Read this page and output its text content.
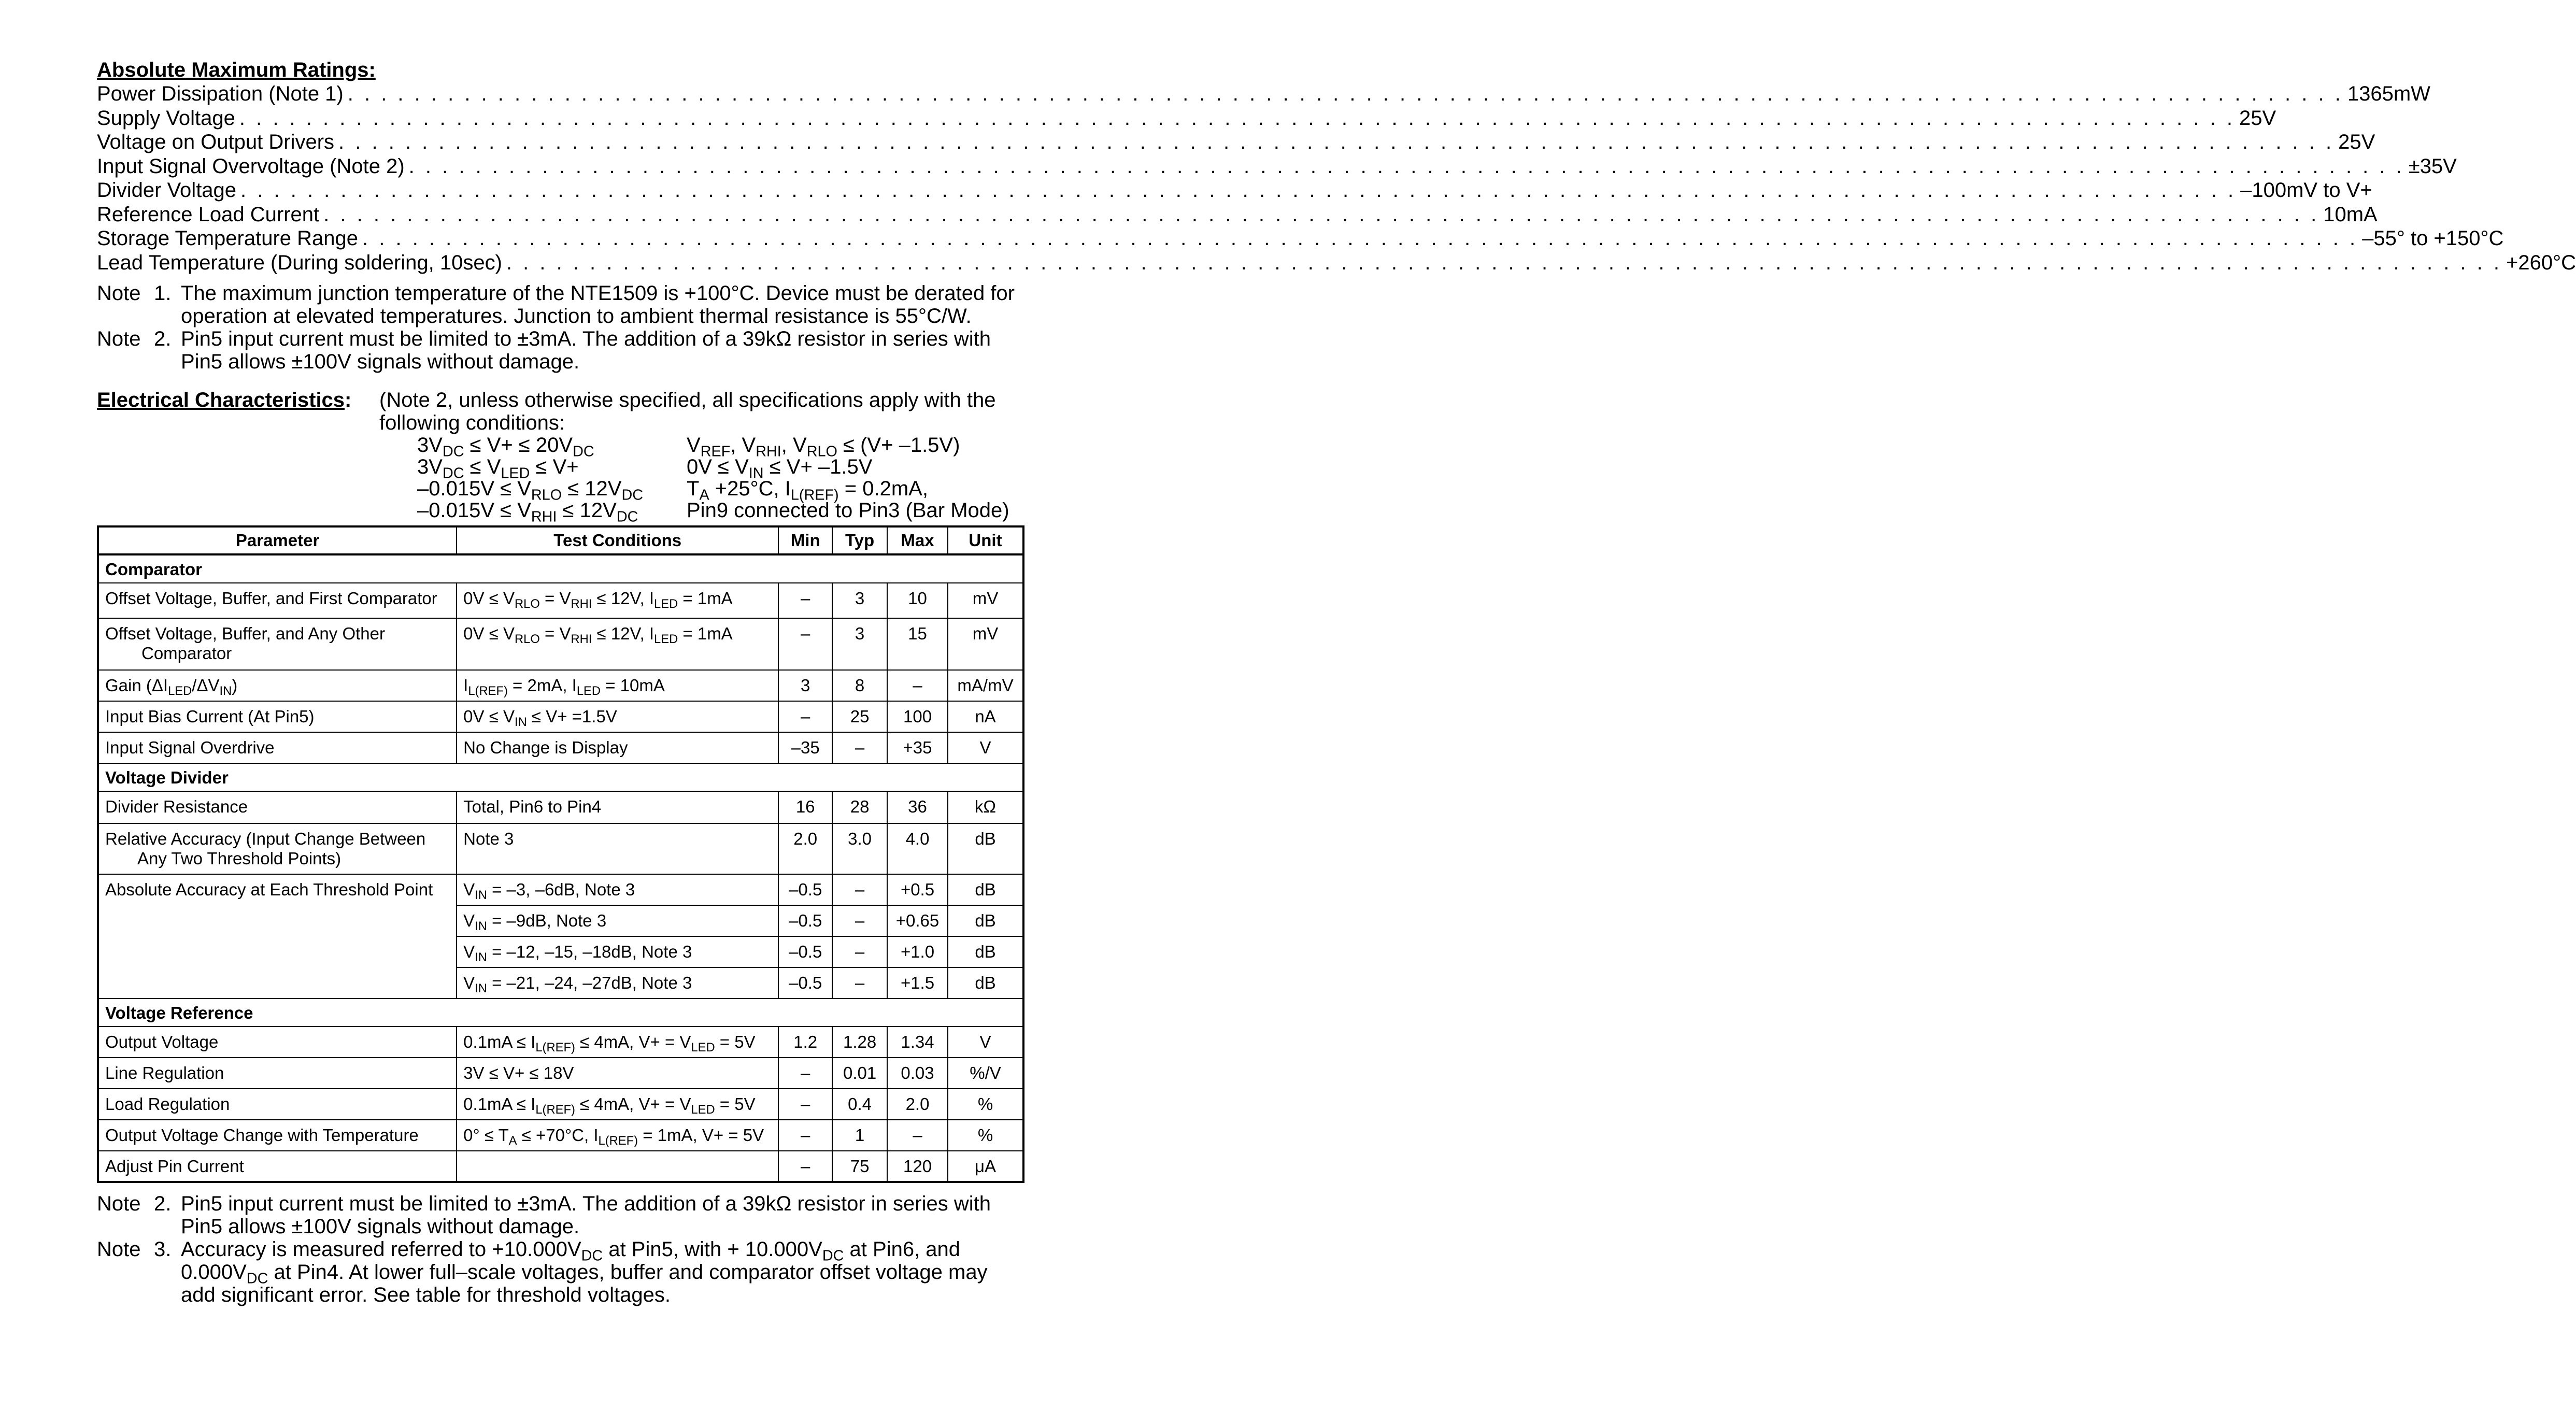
Absolute Maximum Ratings:
Power Dissipation (Note 1) . . . . . . . . . . . . . . . . . . . . . . . . . . . . . . . . . . . . . . . . . . . . . . . . . . . . . . . . . . . . . . . . . . . . . . . . . . . . . . . . . . . . . . . . . . . . . . . . . . . . . . . . . . . . . . . . . . . . . . . . 1365mW
Supply Voltage . . . . . . . . . . . . . . . . . . . . . . . . . . . . . . . . . . . . . . . . . . . . . . . . . . . . . . . . . . . . . . . . . . . . . . . . . . . . . . . . . . . . . . . . . . . . . . . . . . . . . . . . . . . . . . . . . . . . . . . . 25V
Voltage on Output Drivers . . . . . . . . . . . . . . . . . . . . . . . . . . . . . . . . . . . . . . . . . . . . . . . . . . . . . . . . . . . . . . . . . . . . . . . . . . . . . . . . . . . . . . . . . . . . . . . . . . . . . . . . . . . . . . . . . . . . . . . . 25V
Input Signal Overvoltage (Note 2) . . . . . . . . . . . . . . . . . . . . . . . . . . . . . . . . . . . . . . . . . . . . . . . . . . . . . . . . . . . . . . . . . . . . . . . . . . . . . . . . . . . . . . . . . . . . . . . . . . . . . . . . . . . . . . . . . . . . . . . . ±35V
Divider Voltage . . . . . . . . . . . . . . . . . . . . . . . . . . . . . . . . . . . . . . . . . . . . . . . . . . . . . . . . . . . . . . . . . . . . . . . . . . . . . . . . . . . . . . . . . . . . . . . . . . . . . . . . . . . . . . . . . . . . . . . . –100mV to V+
Reference Load Current . . . . . . . . . . . . . . . . . . . . . . . . . . . . . . . . . . . . . . . . . . . . . . . . . . . . . . . . . . . . . . . . . . . . . . . . . . . . . . . . . . . . . . . . . . . . . . . . . . . . . . . . . . . . . . . . . . . . . . . . 10mA
Storage Temperature Range . . . . . . . . . . . . . . . . . . . . . . . . . . . . . . . . . . . . . . . . . . . . . . . . . . . . . . . . . . . . . . . . . . . . . . . . . . . . . . . . . . . . . . . . . . . . . . . . . . . . . . . . . . . . . . . . . . . . . . . . –55° to +150°C
Lead Temperature (During soldering, 10sec) . . . . . . . . . . . . . . . . . . . . . . . . . . . . . . . . . . . . . . . . . . . . . . . . . . . . . . . . . . . . . . . . . . . . . . . . . . . . . . . . . . . . . . . . . . . . . . . . . . . . . . . . . . . . . . . . . . . . . . . . +260°C
Note 1. The maximum junction temperature of the NTE1509 is +100°C. Device must be derated for
operation at elevated temperatures. Junction to ambient thermal resistance is 55°C/W.
Note 2. Pin5 input current must be limited to ±3mA. The addition of a 39kΩ resistor in series with
Pin5 allows ±100V signals without damage.
Electrical Characteristics:	(Note 2, unless otherwise specified, all specifications apply with the
following conditions:
$3V_{DC} \le V+ \le 20V_{DC}$	$V_{REF}$, $V_{RHI}$, $V_{RLO} \le (V+ -1.5V)$
$3V_{DC} \le V_{LED} \le V+$	$0V \le V_{IN} \le V+ -1.5V$
$-0.015V \le V_{RLO} \le 12V_{DC}$	$T_A +25^\circ C$, $I_{L(REF)} = 0.2mA$,
$-0.015V \le V_{RHI} \le 12V_{DC}$	Pin9 connected to Pin3 (Bar Mode)
Parameter	Test Conditions	Min	Typ	Max	Unit
Comparator					
Offset Voltage, Buffer, and First Comparator	$0V \le V_{RLO} = V_{RHI} \le 12V$, $I_{LED} = 1mA$	–	3	10	mV
Offset Voltage, Buffer, and Any Other
Comparator	$0V \le V_{RLO} = V_{RHI} \le 12V$, $I_{LED} = 1mA$	–	3	15	mV
Gain $(\Delta I_{LED}/\Delta V_{IN})$	$I_{L(REF)} = 2mA$, $I_{LED} = 10mA$	3	8	–	mA/mV
Input Bias Current (At Pin5)	$0V \le V_{IN} \le V+ =1.5V$	–	25	100	nA
Input Signal Overdrive	No Change is Display	–35	–	+35	V
Voltage Divider					
Divider Resistance	Total, Pin6 to Pin4	16	28	36	kΩ
Relative Accuracy (Input Change Between
Any Two Threshold Points)	Note 3	2.0	3.0	4.0	dB
Absolute Accuracy at Each Threshold Point	$V_{IN} = -3$, –6dB, Note 3	–0.5	–	+0.5	dB
	$V_{IN} = -9dB$, Note 3	–0.5	–	+0.65	dB
	$V_{IN} = -12$, –15, –18dB, Note 3	–0.5	–	+1.0	dB
	$V_{IN} = -21$, –24, –27dB, Note 3	–0.5	–	+1.5	dB
Voltage Reference					
Output Voltage	$0.1mA \le I_{L(REF)} \le 4mA$, $V+ = V_{LED} = 5V$	1.2	1.28	1.34	V
Line Regulation	3V ≤ V+ ≤ 18V	–	0.01	0.03	%/V
Load Regulation	$0.1mA \le I_{L(REF)} \le 4mA$, $V+ = V_{LED} = 5V$	–	0.4	2.0	%
Output Voltage Change with Temperature	$0^\circ \le T_A \le +70^\circ C$, $I_{L(REF)} = 1mA$, V+ = 5V	–	1	–	%
Adjust Pin Current		–	75	120	μA
Note 2. Pin5 input current must be limited to ±3mA. The addition of a 39kΩ resistor in series with
Pin5 allows ±100V signals without damage.
Note 3. Accuracy is measured referred to $+10.000V_{DC}$ at Pin5, with + $10.000V_{DC}$ at Pin6, and
$0.000V_{DC}$ at Pin4. At lower full–scale voltages, buffer and comparator offset voltage may
add significant error. See table for threshold voltages.
